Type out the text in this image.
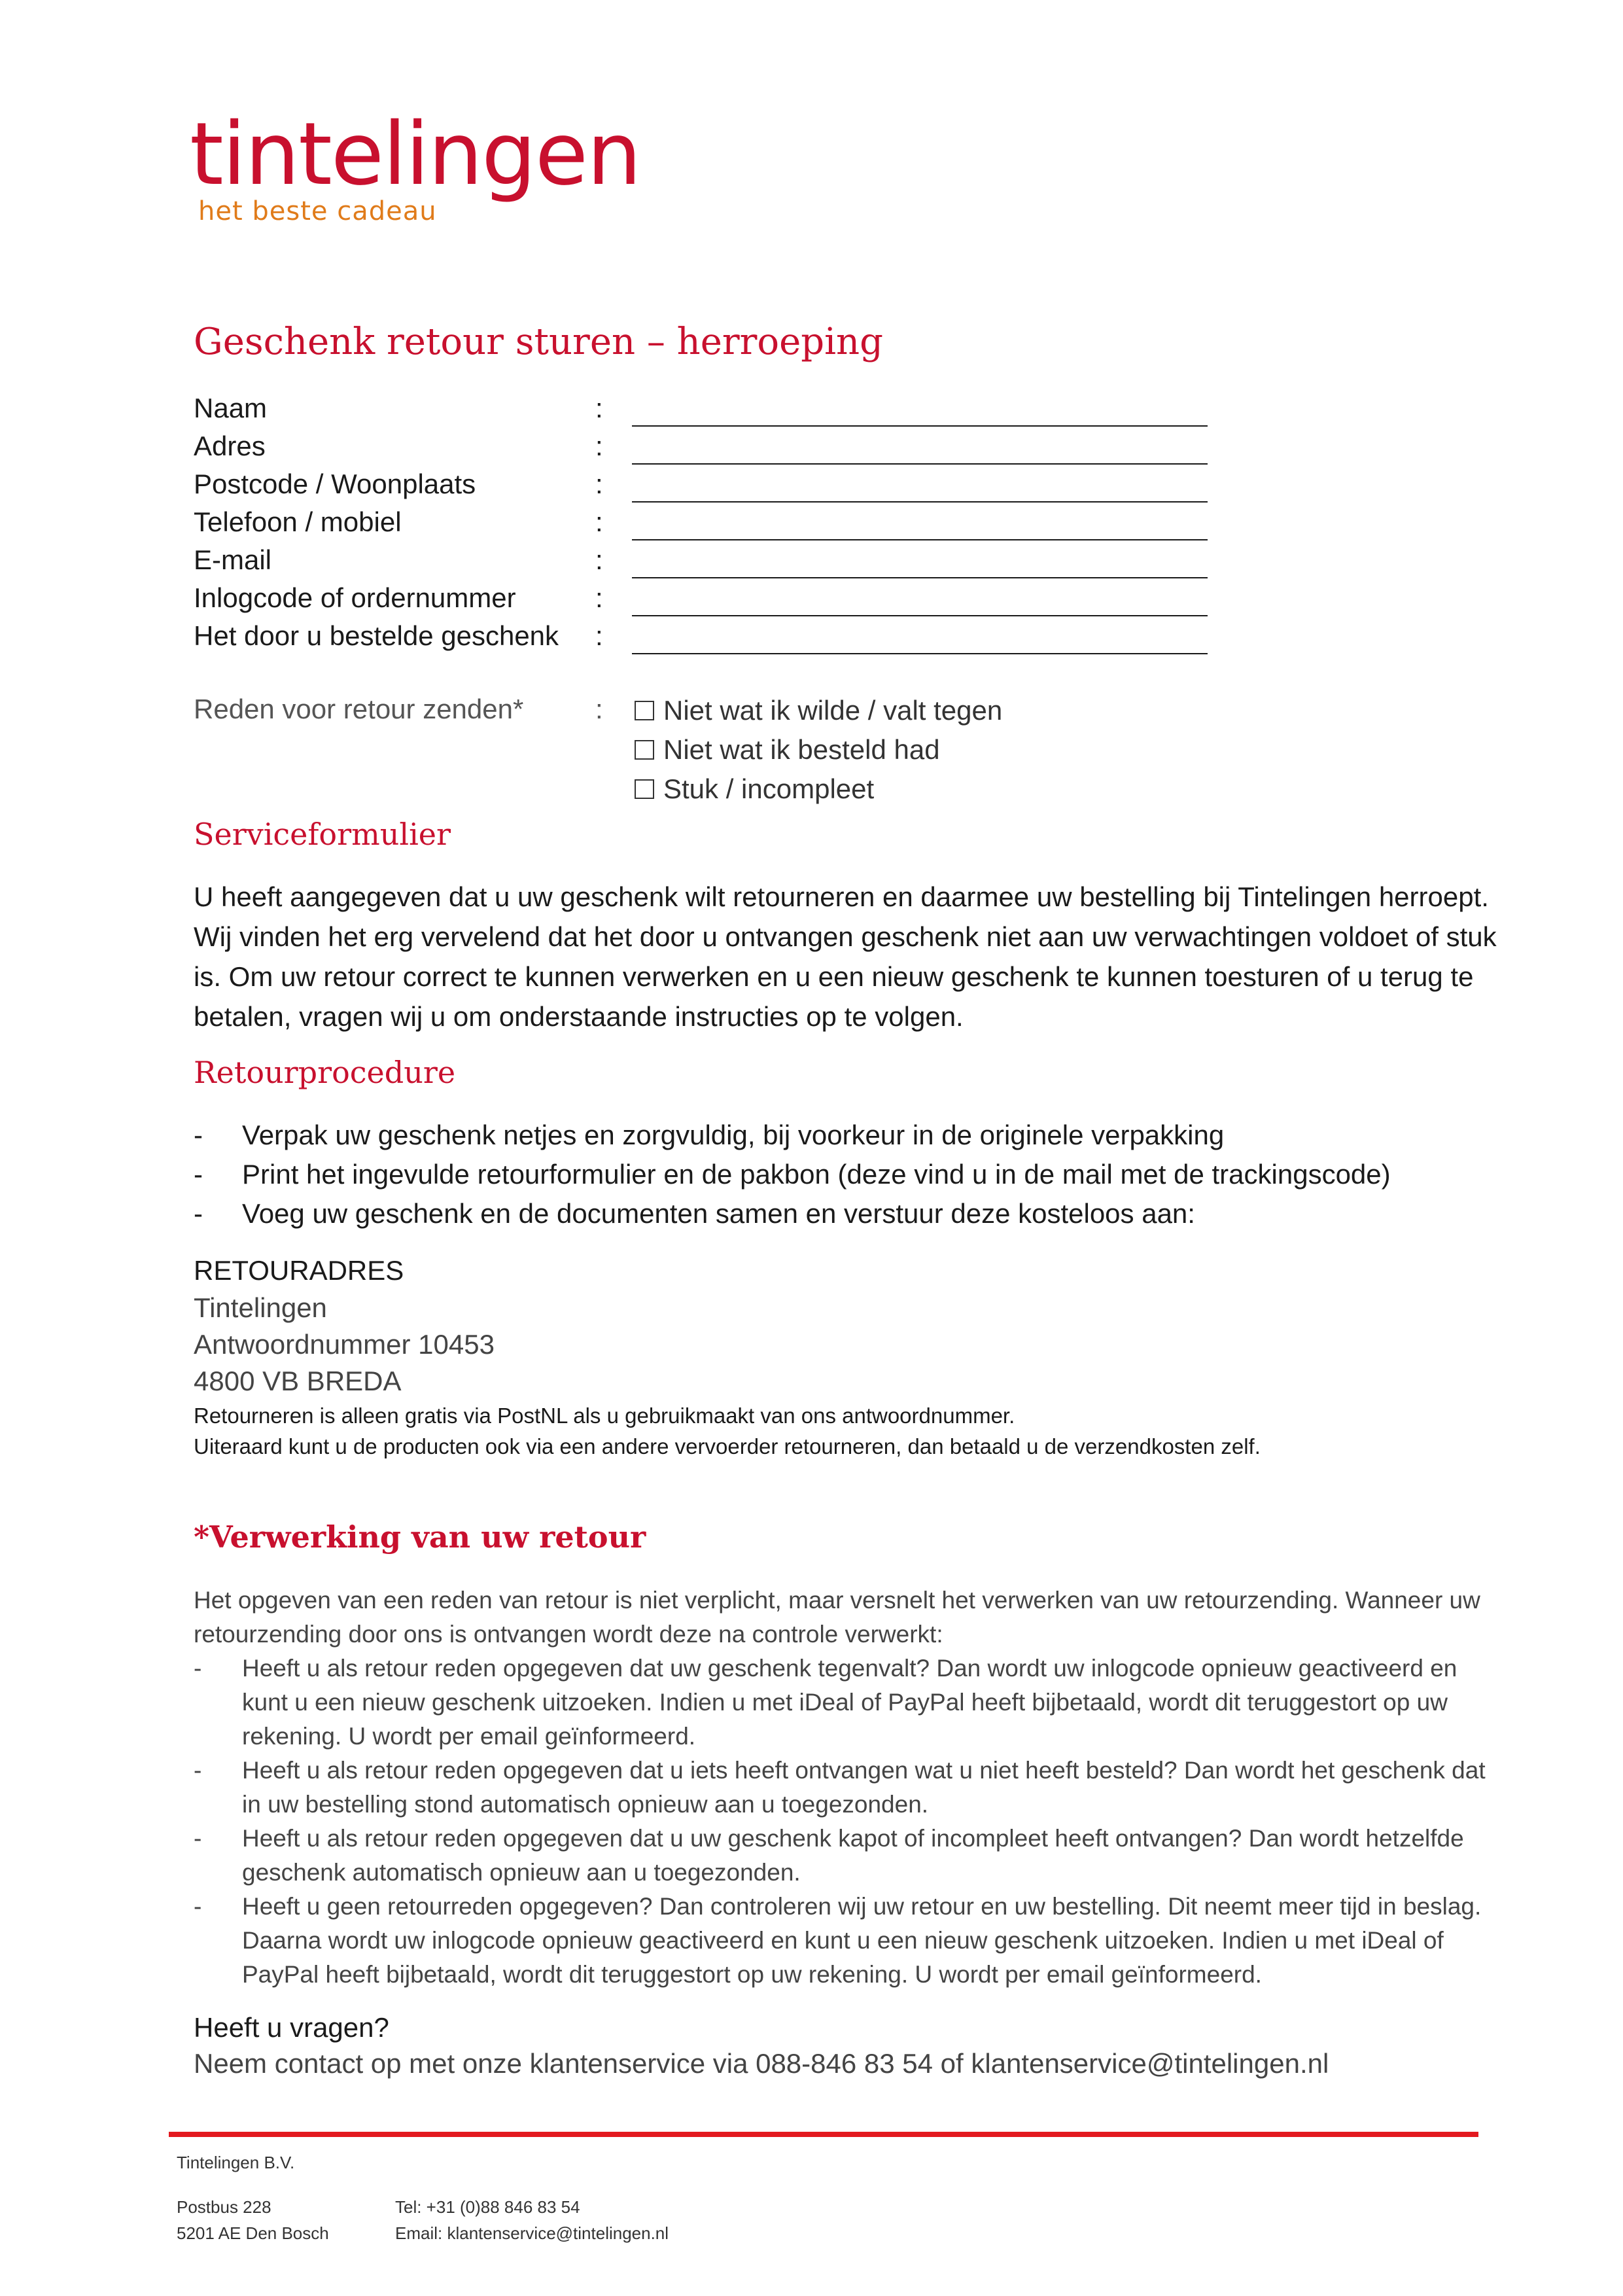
tintelingen
het beste cadeau
Geschenk retour sturen – herroeping
Naam	:
Adres	:
Postcode / Woonplaats	:
Telefoon / mobiel	:
E-mail	:
Inlogcode of ordernummer	:
Het door u bestelde geschenk :
Reden voor retour zenden*	: Niet wat ik wilde / valt tegen
Niet wat ik besteld had
Stuk / incompleet
Serviceformulier
U heeft aangegeven dat u uw geschenk wilt retourneren en daarmee uw bestelling bij Tintelingen herroept. Wij vinden het erg vervelend dat het door u ontvangen geschenk niet aan uw verwachtingen voldoet of stuk is. Om uw retour correct te kunnen verwerken en u een nieuw geschenk te kunnen toesturen of u terug te betalen, vragen wij u om onderstaande instructies op te volgen.
Retourprocedure
-	Verpak uw geschenk netjes en zorgvuldig, bij voorkeur in de originele verpakking
-	Print het ingevulde retourformulier en de pakbon (deze vind u in de mail met de trackingscode)
-	Voeg uw geschenk en de documenten samen en verstuur deze kosteloos aan:
RETOURADRES
Tintelingen
Antwoordnummer 10453
4800 VB BREDA
Retourneren is alleen gratis via PostNL als u gebruikmaakt van ons antwoordnummer.
Uiteraard kunt u de producten ook via een andere vervoerder retourneren, dan betaald u de verzendkosten zelf.
*Verwerking van uw retour
Het opgeven van een reden van retour is niet verplicht, maar versnelt het verwerken van uw retourzending. Wanneer uw retourzending door ons is ontvangen wordt deze na controle verwerkt:
-	Heeft u als retour reden opgegeven dat uw geschenk tegenvalt? Dan wordt uw inlogcode opnieuw geactiveerd en kunt u een nieuw geschenk uitzoeken. Indien u met iDeal of PayPal heeft bijbetaald, wordt dit teruggestort op uw rekening. U wordt per email geïnformeerd.
-	Heeft u als retour reden opgegeven dat u iets heeft ontvangen wat u niet heeft besteld? Dan wordt het geschenk dat in uw bestelling stond automatisch opnieuw aan u toegezonden.
-	Heeft u als retour reden opgegeven dat u uw geschenk kapot of incompleet heeft ontvangen? Dan wordt hetzelfde geschenk automatisch opnieuw aan u toegezonden.
-	Heeft u geen retourreden opgegeven? Dan controleren wij uw retour en uw bestelling. Dit neemt meer tijd in beslag. Daarna wordt uw inlogcode opnieuw geactiveerd en kunt u een nieuw geschenk uitzoeken. Indien u met iDeal of PayPal heeft bijbetaald, wordt dit teruggestort op uw rekening. U wordt per email geïnformeerd.
Heeft u vragen?
Neem contact op met onze klantenservice via 088-846 83 54 of klantenservice@tintelingen.nl
Tintelingen B.V.
Postbus 228
5201 AE Den Bosch
Tel: +31 (0)88 846 83 54
Email: klantenservice@tintelingen.nl
